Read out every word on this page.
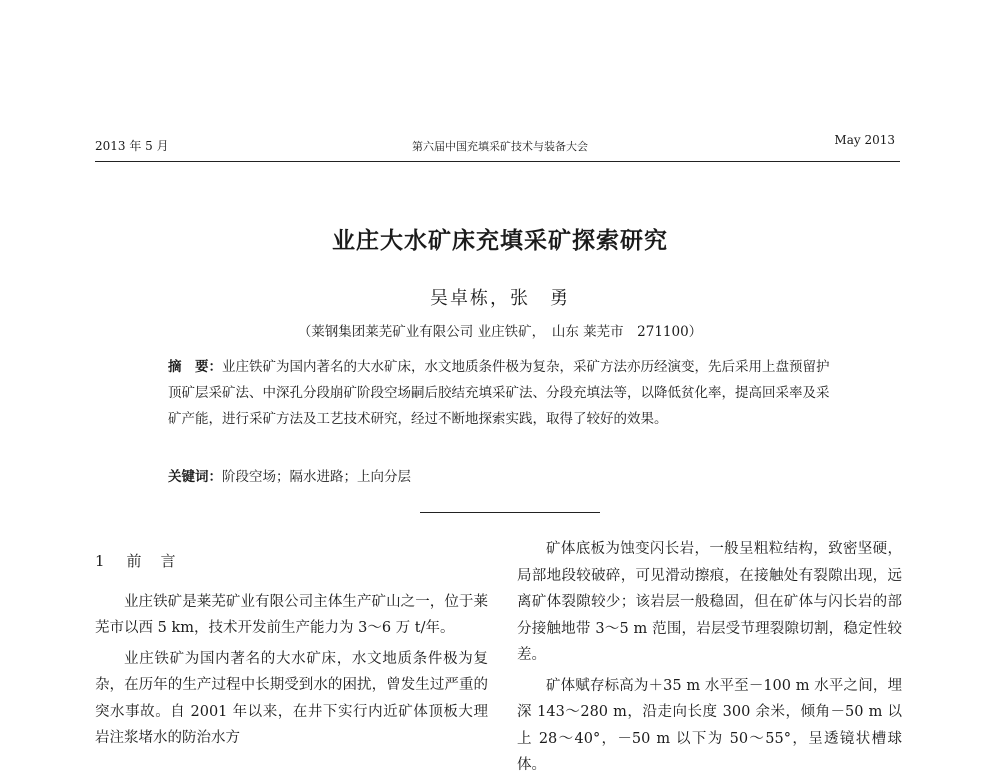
2013 年 5 月	第六届中国充填采矿技术与装备大会	May 2013
业庄大水矿床充填采矿探索研究
吴卓栋，张　勇
（莱钢集团莱芜矿业有限公司 业庄铁矿，　山东 莱芜市　271100）
摘　要：业庄铁矿为国内著名的大水矿床，水文地质条件极为复杂，采矿方法亦历经演变，先后采用上盘预留护顶矿层采矿法、中深孔分段崩矿阶段空场嗣后胶结充填采矿法、分段充填法等，以降低贫化率，提高回采率及采矿产能，进行采矿方法及工艺技术研究，经过不断地探索实践，取得了较好的效果。
关键词：阶段空场；隔水进路；上向分层
1 前　言

业庄铁矿是莱芜矿业有限公司主体生产矿山之一，位于莱芜市以西 5 km，技术开发前生产能力为 3～6 万 t/年。

业庄铁矿为国内著名的大水矿床，水文地质条件极为复杂，在历年的生产过程中长期受到水的困扰，曾发生过严重的突水事故。自 2001 年以来，在井下实行内近矿体顶板大理岩注浆堵水的防治水方

矿体底板为蚀变闪长岩，一般呈粗粒结构，致密坚硬，局部地段较破碎，可见滑动擦痕，在接触处有裂隙出现，远离矿体裂隙较少；该岩层一般稳固，但在矿体与闪长岩的部分接触地带 3～5 m 范围，岩层受节理裂隙切割，稳定性较差。

矿体赋存标高为＋35 m 水平至－100 m 水平之间，埋深 143～280 m，沿走向长度 300 余米，倾角－50 m 以上 28～40°，－50 m 以下为 50～55°，呈透镜状槽球体。
